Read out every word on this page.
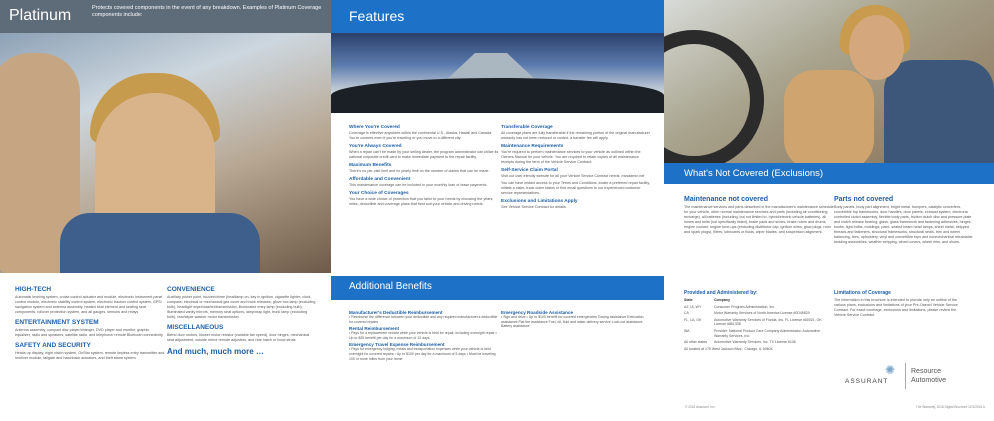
Platinum	Protects covered components in the event of any breakdown. Examples of Platinum Coverage components include:
HIGH-TECH

Automatic leveling system, cruise control actuator and module, electronic instrument panel control module, electronic stability control system, electronic traction control system, GPS/ navigation system and antenna assembly, heated seat element and seating seat components, rollover protection system, and all gauges, sensors and relays

ENTERTAINMENT SYSTEM

Antenna assembly, compact disc player/changer, DVD player and monitor, graphic equalizer, radio and speakers, satellite radio, and telephone/ remote Bluetooth connectivity

SAFETY AND SECURITY

Heads up display, night vision system, OnStar system, remote keyless entry transmitter and receiver module, tailgate and hatchback actuators, and theft alarm system

CONVENIENCE

Auxiliary power point, buzzer/chime (headlamp on, key in ignition, cigarette lighter, clock, compass, electrical or mechanical gas cover and trunk releases, glove box lamp (excluding bulb), headlight wiper/washer/transmission, illuminated entry lamp (excluding bulb), illuminated vanity mirrors, memory seat options, lamp/map light, trunk lamp (excluding bulb), rear/wiper washer motor transmission

MISCELLANEOUS

Blend door motors, blower motor resistor (variable fan speed), door hinges, mechanical seat adjustment, outside mirror remote adjusters, and rear hatch or hood struts

And much, much more …
Features
Where You're Covered

Coverage is effective anywhere within the continental U.S., Alaska, Hawaii and Canada. You're covered even if you're traveling or you move to a different city.

You're Always Covered

When a repair can't be made by your selling dealer, the program administrator can utilize its national corporate credit card to make immediate payment to the repair facility.

Maximum Benefits

There's no per-visit limit and no yearly limit on the number of claims that can be made.

Affordable and Convenient

This maintenance coverage can be included in your monthly loan or lease payments.

Your Choice of Coverages

You have a wide choice of protection that you tailor to your needs by choosing the years, miles, deductible and coverage plans that best suit your vehicle and driving needs.

Transferable Coverage

All coverage plans are fully transferable if the remaining portion of the original manufacturer warranty has not been reduced or voided, a transfer fee will apply.

Maintenance Requirements

You're required to perform maintenance services to your vehicle as outlined within the Owners Manual for your vehicle. You are required to retain copies of all maintenance receipts during the term of the Vehicle Service Contract.

Self-Service Claim Portal

Visit our user friendly website for all your Vehicle Service Contract needs: mvsadmin.net

You can have instant access to your Terms and Conditions, locate a preferred repair facility, initiate a claim, track claim status or find email questions to our experienced customer service representatives.

Exclusions and Limitations Apply

See Vehicle Service Contract for details.

Additional Benefits
Manufacturer's Deductible Reimbursement

• Reimburse the difference between your deductible and any required manufacturer's deductible for covered repairs

Rental Reimbursement

• Pays for a replacement vehicle while your vehicle is held for repair, including overnight repair • Up to $35 benefit per day for a maximum of 10 days

Emergency Travel Expense Reimbursement

• Pays for emergency lodging, meals and transportation expenses while your vehicle is held overnight for covered repairs • Up to $100 per day for a maximum of 5 days • Must be traveling 100 or more miles from your home

Emergency Roadside Assistance

• Sign and drive • Up to $100 benefit for covered emergencies Towing assistance Extrication assistance Flat tire assistance Fuel, oil, fluid and water delivery service Lock-out assistance Battery assistance

What's Not Covered (Exclusions)
Maintenance not covered

The maintenance services and parts described in the manufacturer's maintenance schedule for your vehicle, other normal maintenance services and parts (including air conditioning recharge), all batteries (including, but not limited to, hybrid/electric vehicle batteries), all hoses and belts (not specifically listed), brake pads and shoes, brake rotors and drums, engine coolant, engine tune-ups (excluding distributor cap, ignition wires, glow plugs, rotor and spark plugs), filters, lubricants or fluids, wiper blades, and suspension alignment

Parts not covered

Body panels, body part alignment, bright metal, bumpers, catalytic converters, convertible top frameworks, door handles, door panels, exhaust system, electronic controlled clutch assembly, flexible body parts, friction clutch disc and pressure plate and clutch release bearing, glass, glass framework and fastening adhesives, hinges, knobs, light bulbs, moldings, paint, sealed beam head lamps, sheet metal, stripped threads and fasteners, structural frameworks, structural seals, trim and wheel balancing, tires, upholstery, vinyl and convertible tops and nonmechanical retractable bedding assemblies, weather stripping, wheel covers, wheel rims, and shoes.

Provided and Administered by:
State	Company
AZ, IA, WY	Consumer Program Administration, Inc.
CA	Motor Warranty Services of North America License #0D45829
FL, LA, OK	Automotive Warranty Services of Florida, Inc. FL License #60021, OK License #861338
WA	Provider: National Product Care Company Administrator: Automotive Warranty Services, Inc.
All other states	Automotive Warranty Services, Inc. TX License #106

All located at 175 West Jackson Blvd., Chicago, IL 60604

Limitations of Coverage

The information in this brochure is intended to provide only an outline of the various plans, exclusions and limitations of your Pre-Owned Vehicle Service Contract. For exact coverage, exclusions and limitations, please review the Vehicle Service Contract.

✺
ASSURANT
Resource
Automotive
© 2018 Assurant, Inc.	The Warranty, 2018 Digital Brochure 12/1/2018 b
